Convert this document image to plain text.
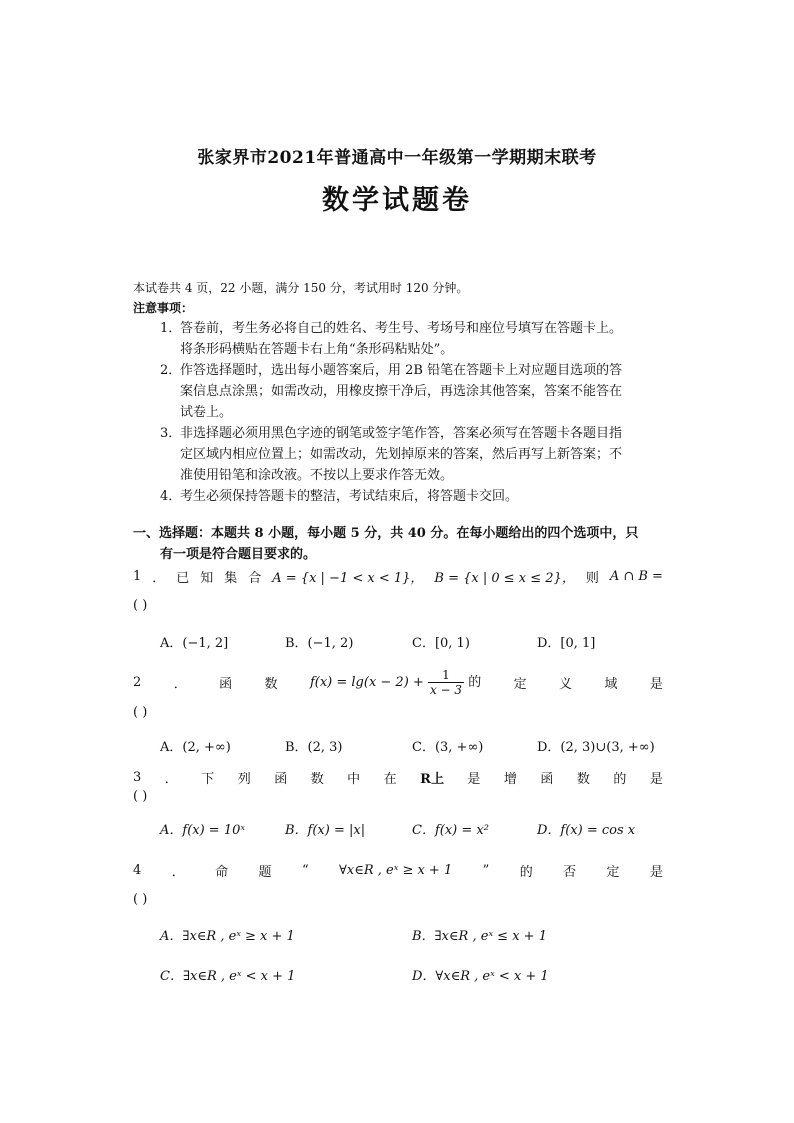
张家界市2021年普通高中一年级第一学期期末联考
数学试题卷
本试卷共 4 页，22 小题，满分 150 分，考试用时 120 分钟。
注意事项：
1．
答卷前，考生务必将自己的姓名、考生号、考场号和座位号填写在答题卡上。
将条形码横贴在答题卡右上角“条形码粘贴处”。
2．
作答选择题时，选出每小题答案后，用 2B 铅笔在答题卡上对应题目选项的答
案信息点涂黑；如需改动，用橡皮擦干净后，再选涂其他答案，答案不能答在
试卷上。
3．
非选择题必须用黑色字迹的钢笔或签字笔作答，答案必须写在答题卡各题目指
定区域内相应位置上；如需改动，先划掉原来的答案，然后再写上新答案；不
准使用铅笔和涂改液。不按以上要求作答无效。
4．
考生必须保持答题卡的整洁，考试结束后，将答题卡交回。
一、选择题：本题共 8 小题，每小题 5 分，共 40 分。在每小题给出的四个选项中，只
有一项是符合题目要求的。
1 ． 已 知 集 合 A = {x | −1 < x < 1}， B = {x | 0 ≤ x ≤ 2}， 则 A ∩ B =
( )
A．(−1, 2]	B．(−1, 2)	C．[0, 1)	D．[0, 1]
2 ． 函 数 $f(x) = \lg(x - 2) + \frac{1}{x - 3}$ 的 定 义 域 是
( )
A．(2, +∞)	B．(2, 3)	C．(3, +∞)	D．(2, 3)∪(3, +∞)
3 ． 下 列 函 数 中 在 R上 是 增 函 数 的 是
( )
A．f(x) = 10ˣ	B．f(x) = |x|	C．f(x) = x²	D．f(x) = cos x
4 ． 命 题 “ ∀x∈R , eˣ ≥ x + 1 ” 的 否 定 是
( )
A．∃x∈R , eˣ ≥ x + 1	B．∃x∈R , eˣ ≤ x + 1
C．∃x∈R , eˣ < x + 1	D．∀x∈R , eˣ < x + 1
